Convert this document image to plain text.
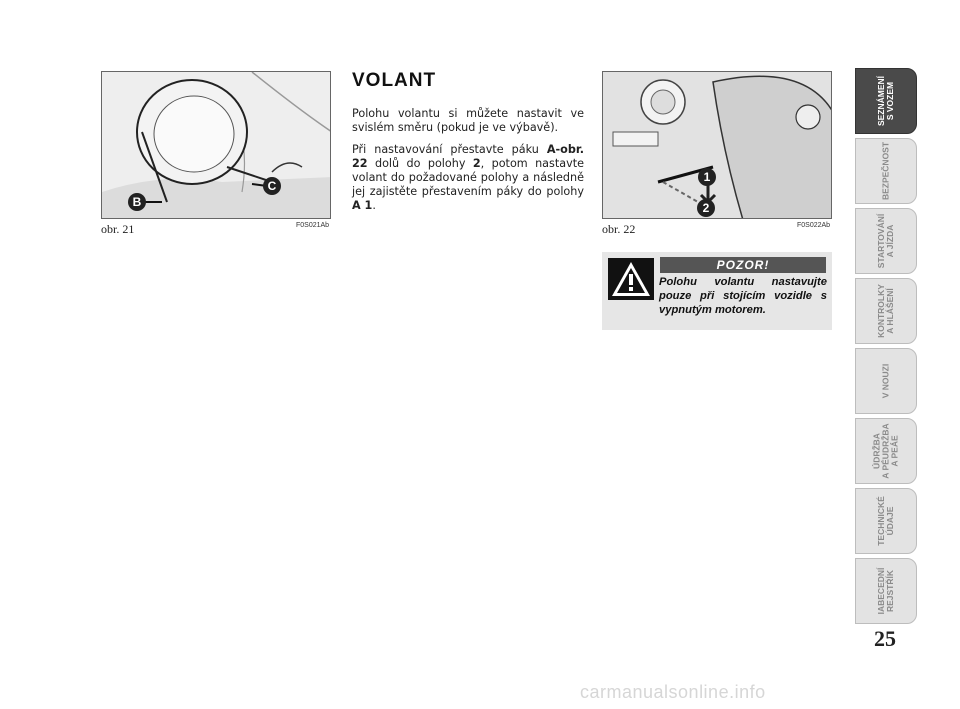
B
C
obr. 21	F0S021Ab
VOLANT

Polohu volantu si můžete nastavit ve svislém směru (pokud je ve výbavě).

Při nastavování přestavte páku A-obr. 22 dolů do polohy 2, potom nastavte volant do požadované polohy a následně jej zajistěte přestavením páky do polohy A 1.

1
2
obr. 22	F0S022Ab
POZOR!

Polohu volantu nastavujte pouze při stojícím vozidle s vypnutým motorem.

SEZNÁMENÍ
S VOZEM
BEZPEČNOST
STARTOVÁNÍ
A JÍZDA
KONTROLKY
A HLÁŠENÍ
V NOUZI
ÚDRŽBA
A PÉUDRŽBA
A PEÁE
TECHNICKÉ
ÚDAJE
IABECEDNÍ
REJSTŘÍK
25
carmanualsonline.info
